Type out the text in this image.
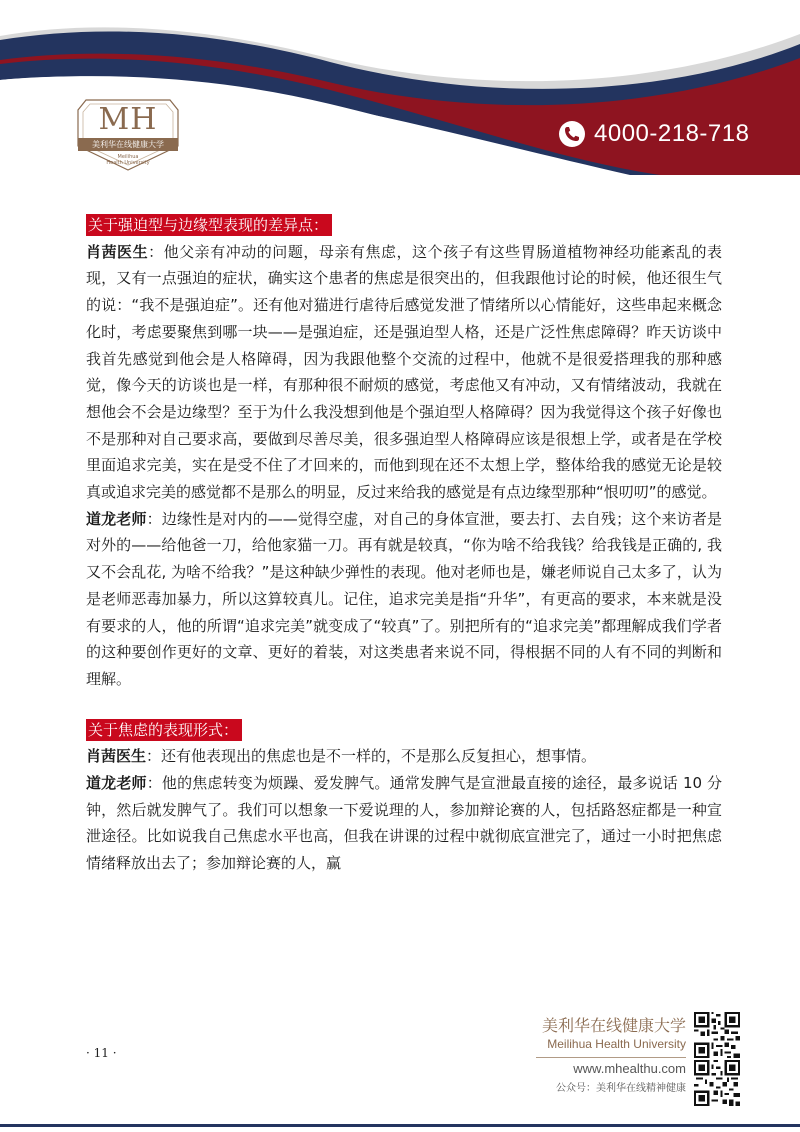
MH
美利华在线健康大学
Meilihua
Health University
4000-218-718
关于强迫型与边缘型表现的差异点：

肖茜医生：他父亲有冲动的问题，母亲有焦虑，这个孩子有这些胃肠道植物神经功能紊乱的表现，又有一点强迫的症状，确实这个患者的焦虑是很突出的，但我跟他讨论的时候，他还很生气的说：“我不是强迫症”。还有他对猫进行虐待后感觉发泄了情绪所以心情能好，这些串起来概念化时，考虑要聚焦到哪一块——是强迫症，还是强迫型人格，还是广泛性焦虑障碍？昨天访谈中我首先感觉到他会是人格障碍，因为我跟他整个交流的过程中，他就不是很爱搭理我的那种感觉，像今天的访谈也是一样，有那种很不耐烦的感觉，考虑他又有冲动，又有情绪波动，我就在想他会不会是边缘型？至于为什么我没想到他是个强迫型人格障碍？因为我觉得这个孩子好像也不是那种对自己要求高，要做到尽善尽美，很多强迫型人格障碍应该是很想上学，或者是在学校里面追求完美，实在是受不住了才回来的，而他到现在还不太想上学，整体给我的感觉无论是较真或追求完美的感觉都不是那么的明显，反过来给我的感觉是有点边缘型那种“恨叨叨”的感觉。

道龙老师：边缘性是对内的——觉得空虚，对自己的身体宣泄，要去打、去自残；这个来访者是对外的——给他爸一刀，给他家猫一刀。再有就是较真，“你为啥不给我钱？给我钱是正确的, 我又不会乱花, 为啥不给我？”是这种缺少弹性的表现。他对老师也是，嫌老师说自己太多了，认为是老师恶毒加暴力，所以这算较真儿。记住，追求完美是指“升华”，有更高的要求，本来就是没有要求的人，他的所谓“追求完美”就变成了“较真”了。别把所有的“追求完美”都理解成我们学者的这种要创作更好的文章、更好的着装，对这类患者来说不同，得根据不同的人有不同的判断和理解。

关于焦虑的表现形式：

肖茜医生：还有他表现出的焦虑也是不一样的，不是那么反复担心，想事情。

道龙老师：他的焦虑转变为烦躁、爱发脾气。通常发脾气是宣泄最直接的途径，最多说话 10 分钟，然后就发脾气了。我们可以想象一下爱说理的人，参加辩论赛的人，包括路怒症都是一种宣泄途径。比如说我自己焦虑水平也高，但我在讲课的过程中就彻底宣泄完了，通过一小时把焦虑情绪释放出去了；参加辩论赛的人，赢

· 11 ·
美利华在线健康大学
Meilihua Health University
www.mhealthu.com
公众号：美利华在线精神健康
